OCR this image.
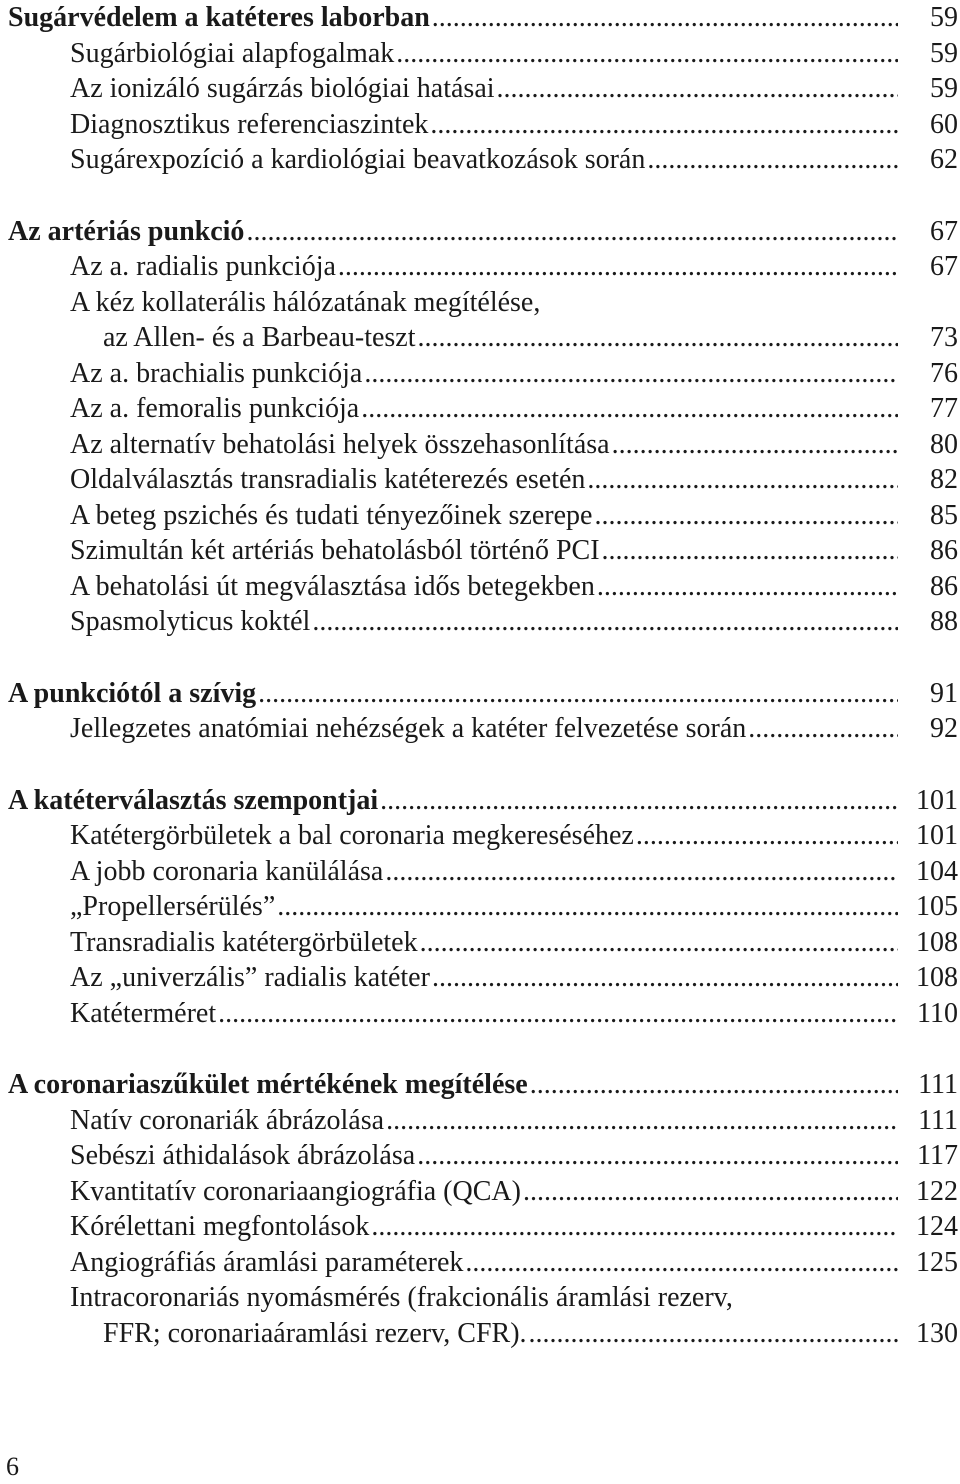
Sugárvédelem a katéteres laborban .....	59
Sugárbiológiai alapfogalmak .....	59
Az ionizáló sugárzás biológiai hatásai .....	59
Diagnosztikus referenciaszintek .....	60
Sugárexpozíció a kardiológiai beavatkozások során .....	62
Az artériás punkció .....	67
Az a. radialis punkciója .....	67
A kéz kollaterális hálózatának megítélése,
az Allen- és a Barbeau-teszt .....	73
Az a. brachialis punkciója .....	76
Az a. femoralis punkciója .....	77
Az alternatív behatolási helyek összehasonlítása .....	80
Oldalválasztás transradialis katéterezés esetén .....	82
A beteg pszichés és tudati tényezőinek szerepe .....	85
Szimultán két artériás behatolásból történő PCI .....	86
A behatolási út megválasztása idős betegekben .....	86
Spasmolyticus koktél .....	88
A punkciótól a szívig .....	91
Jellegzetes anatómiai nehézségek a katéter felvezetése során .....	92
A katéterválasztás szempontjai .....	101
Katétergörbületek a bal coronaria megkereséséhez .....	101
A jobb coronaria kanülálása .....	104
„Propellersérülés” .....	105
Transradialis katétergörbületek .....	108
Az „univerzális” radialis katéter .....	108
Katéterméret .....	110
A coronariaszűkület mértékének megítélése .....	111
Natív coronariák ábrázolása .....	111
Sebészi áthidalások ábrázolása .....	117
Kvantitatív coronariaangiográfia (QCA) .....	122
Kórélettani megfontolások .....	124
Angiográfiás áramlási paraméterek .....	125
Intracoronariás nyomásmérés (frakcionális áramlási rezerv,
FFR; coronariaáramlási rezerv, CFR). .....	130
6
